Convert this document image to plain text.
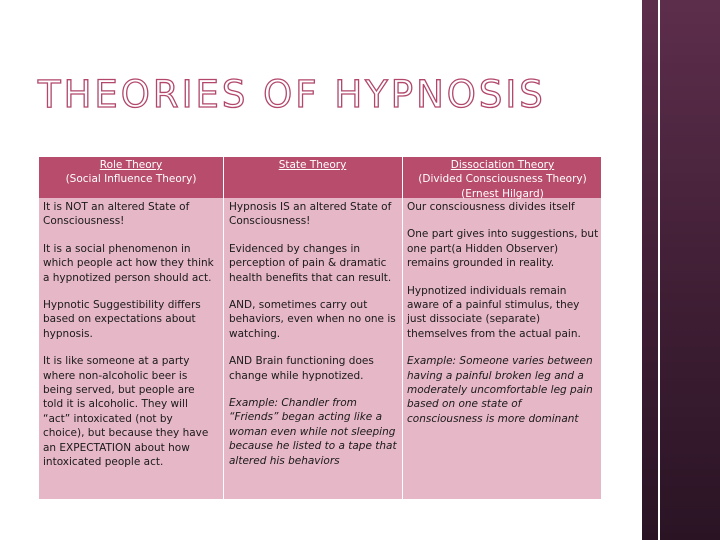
THEORIES OF HYPNOSIS
Role Theory
(Social Influence Theory)
State Theory	Dissociation Theory
(Divided Consciousness Theory)
(Ernest Hilgard)

It is NOT an altered State of Consciousness!

It is a social phenomenon in which people act how they think a hypnotized person should act.

Hypnotic Suggestibility differs based on expectations about hypnosis.

It is like someone at a party where non-alcoholic beer is being served, but people are told it is alcoholic. They will “act” intoxicated (not by choice), but because they have an EXPECTATION about how intoxicated people act.

Hypnosis IS an altered State of Consciousness!

Evidenced by changes in perception of pain & dramatic health benefits that can result.

AND, sometimes carry out behaviors, even when no one is watching.

AND Brain functioning does change while hypnotized.

Example: Chandler from “Friends” began acting like a woman even while not sleeping because he listed to a tape that altered his behaviors

Our consciousness divides itself

One part gives into suggestions, but one part(a Hidden Observer) remains grounded in reality.

Hypnotized individuals remain aware of a painful stimulus, they just dissociate (separate) themselves from the actual pain.

Example: Someone varies between having a painful broken leg and a moderately uncomfortable leg pain based on one state of consciousness is more dominant
